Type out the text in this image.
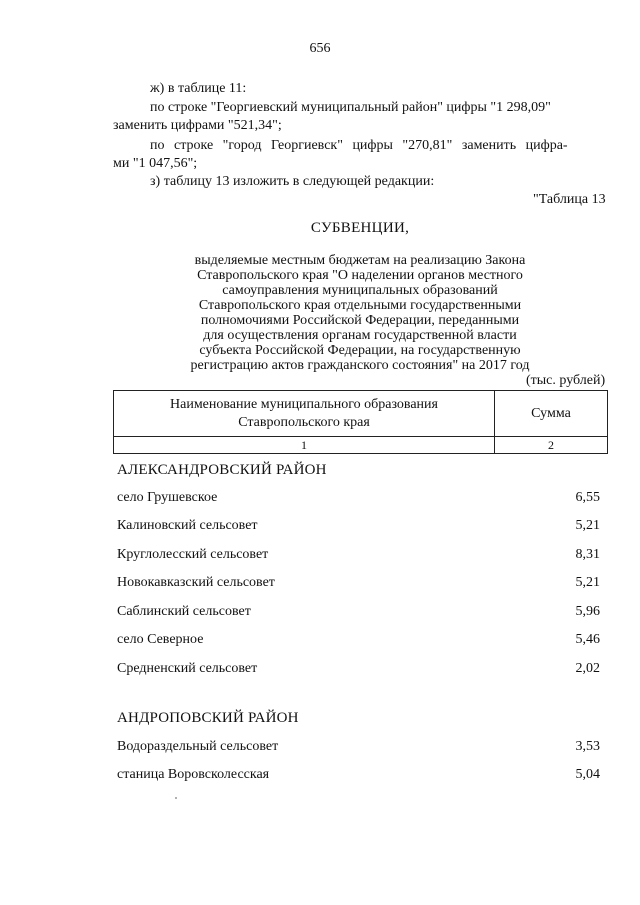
656
ж) в таблице 11:
по строке "Георгиевский муниципальный район" цифры "1 298,09"
заменить цифрами "521,34";
по строке "город Георгиевск" цифры "270,81" заменить цифра-
ми "1 047,56";
з) таблицу 13 изложить в следующей редакции:
"Таблица 13
СУБВЕНЦИИ,
выделяемые местным бюджетам на реализацию Закона
Ставропольского края "О наделении органов местного
самоуправления муниципальных образований
Ставропольского края отдельными государственными
полномочиями Российской Федерации, переданными
для осуществления органам государственной власти
субъекта Российской Федерации, на государственную
регистрацию актов гражданского состояния" на 2017 год
(тыс. рублей)
Наименование муниципального образования
Ставропольского края	Сумма
1	2
АЛЕКСАНДРОВСКИЙ РАЙОН
село Грушевское	6,55
Калиновский сельсовет	5,21
Круглолесский сельсовет	8,31
Новокавказский сельсовет	5,21
Саблинский сельсовет	5,96
село Северное	5,46
Средненский сельсовет	2,02
АНДРОПОВСКИЙ РАЙОН
Водораздельный сельсовет	3,53
станица Воровсколесская	5,04
